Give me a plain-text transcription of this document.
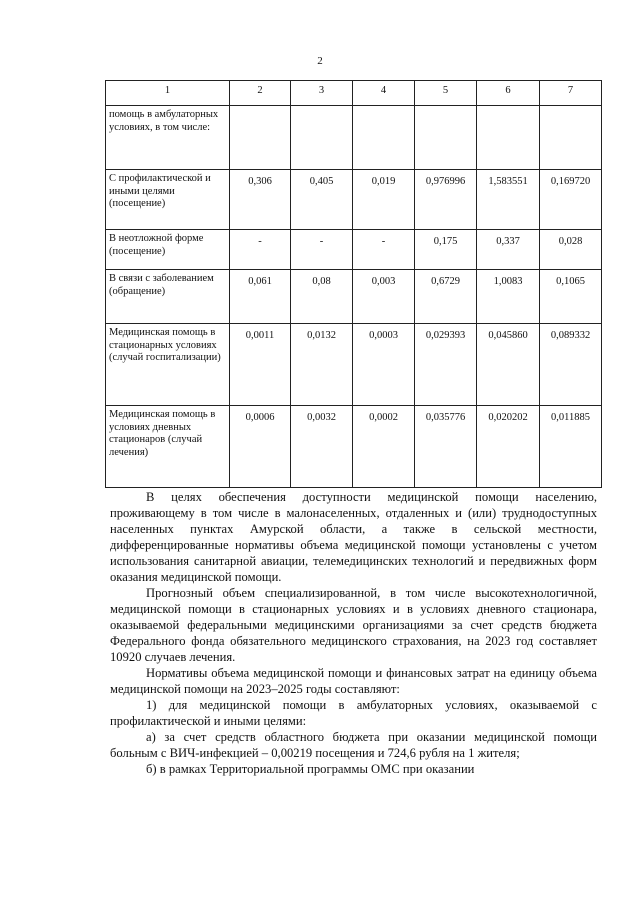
2
1	2	3	4	5	6	7
помощь в амбулаторных условиях, в том числе:						
С профилактической и иными целями (посещение)	0,306	0,405	0,019	0,976996	1,583551	0,169720
В неотложной форме (посещение)	-	-	-	0,175	0,337	0,028
В связи с заболеванием (обращение)	0,061	0,08	0,003	0,6729	1,0083	0,1065
Медицинская помощь в стационарных условиях (случай госпитализации)	0,0011	0,0132	0,0003	0,029393	0,045860	0,089332
Медицинская помощь в условиях дневных стационаров (случай лечения)	0,0006	0,0032	0,0002	0,035776	0,020202	0,011885

В целях обеспечения доступности медицинской помощи населению, проживающему в том числе в малонаселенных, отдаленных и (или) труднодоступных населенных пунктах Амурской области, а также в сельской местности, дифференцированные нормативы объема медицинской помощи установлены с учетом использования санитарной авиации, телемедицинских технологий и передвижных форм оказания медицинской помощи.

Прогнозный объем специализированной, в том числе высокотехнологичной, медицинской помощи в стационарных условиях и в условиях дневного стационара, оказываемой федеральными медицинскими организациями за счет средств бюджета Федерального фонда обязательного медицинского страхования, на 2023 год составляет 10920 случаев лечения.

Нормативы объема медицинской помощи и финансовых затрат на единицу объема медицинской помощи на 2023–2025 годы составляют:

1) для медицинской помощи в амбулаторных условиях, оказываемой с профилактической и иными целями:

а) за счет средств областного бюджета при оказании медицинской помощи больным с ВИЧ-инфекцией – 0,00219 посещения и 724,6 рубля на 1 жителя;

б) в рамках Территориальной программы ОМС при оказании
